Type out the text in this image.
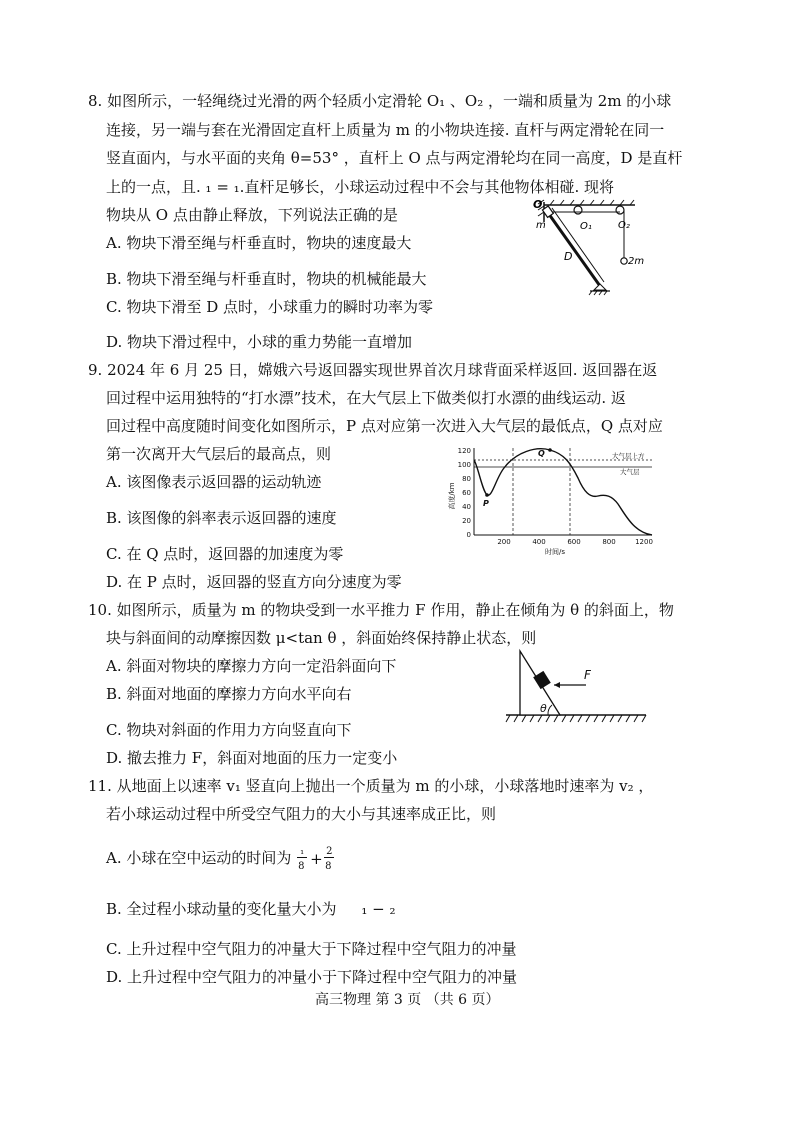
8. 如图所示，一轻绳绕过光滑的两个轻质小定滑轮 O₁ 、O₂ ，一端和质量为 2m 的小球
连接，另一端与套在光滑固定直杆上质量为 m 的小物块连接. 直杆与两定滑轮在同一
竖直面内，与水平面的夹角 θ=53° ，直杆上 O 点与两定滑轮均在同一高度，D 是直杆
上的一点，且. ₁ = ₁.直杆足够长，小球运动过程中不会与其他物体相碰. 现将
物块从 O 点由静止释放，下列说法正确的是
A. 物块下滑至绳与杆垂直时，物块的速度最大
B. 物块下滑至绳与杆垂直时，物块的机械能最大
C. 物块下滑至 D 点时，小球重力的瞬时功率为零
D. 物块下滑过程中，小球的重力势能一直增加
O
m	O₁	O₂
D	2m
9. 2024 年 6 月 25 日，嫦娥六号返回器实现世界首次月球背面采样返回. 返回器在返
回过程中运用独特的“打水漂”技术，在大气层上下做类似打水漂的曲线运动. 返
回过程中高度随时间变化如图所示，P 点对应第一次进入大气层的最低点，Q 点对应
第一次离开大气层后的最高点，则
A. 该图像表示返回器的运动轨迹
B. 该图像的斜率表示返回器的速度
C. 在 Q 点时，返回器的加速度为零
D. 在 P 点时，返回器的竖直方向分速度为零
120
100
80
60
40
20
0
高度/km
200	400	600	800	1200
时间/s
P
Q	大气层上方
大气层
10. 如图所示，质量为 m 的物块受到一水平推力 F 作用，静止在倾角为 θ 的斜面上，物
块与斜面间的动摩擦因数 μ<tan θ ，斜面始终保持静止状态，则
A. 斜面对物块的摩擦力方向一定沿斜面向下
B. 斜面对地面的摩擦力方向水平向右
C. 物块对斜面的作用力方向竖直向下
D. 撤去推力 F，斜面对地面的压力一定变小
F
θ
11. 从地面上以速率 v₁ 竖直向上抛出一个质量为 m 的小球，小球落地时速率为 v₂ ，
若小球运动过程中所受空气阻力的大小与其速率成正比，则
A. 小球在空中运动的时间为 ₁
8 + 2
8
B. 全过程小球动量的变化量大小为 ₁ − ₂
C. 上升过程中空气阻力的冲量大于下降过程中空气阻力的冲量
D. 上升过程中空气阻力的冲量小于下降过程中空气阻力的冲量
高三物理 第 3 页 （共 6 页）
